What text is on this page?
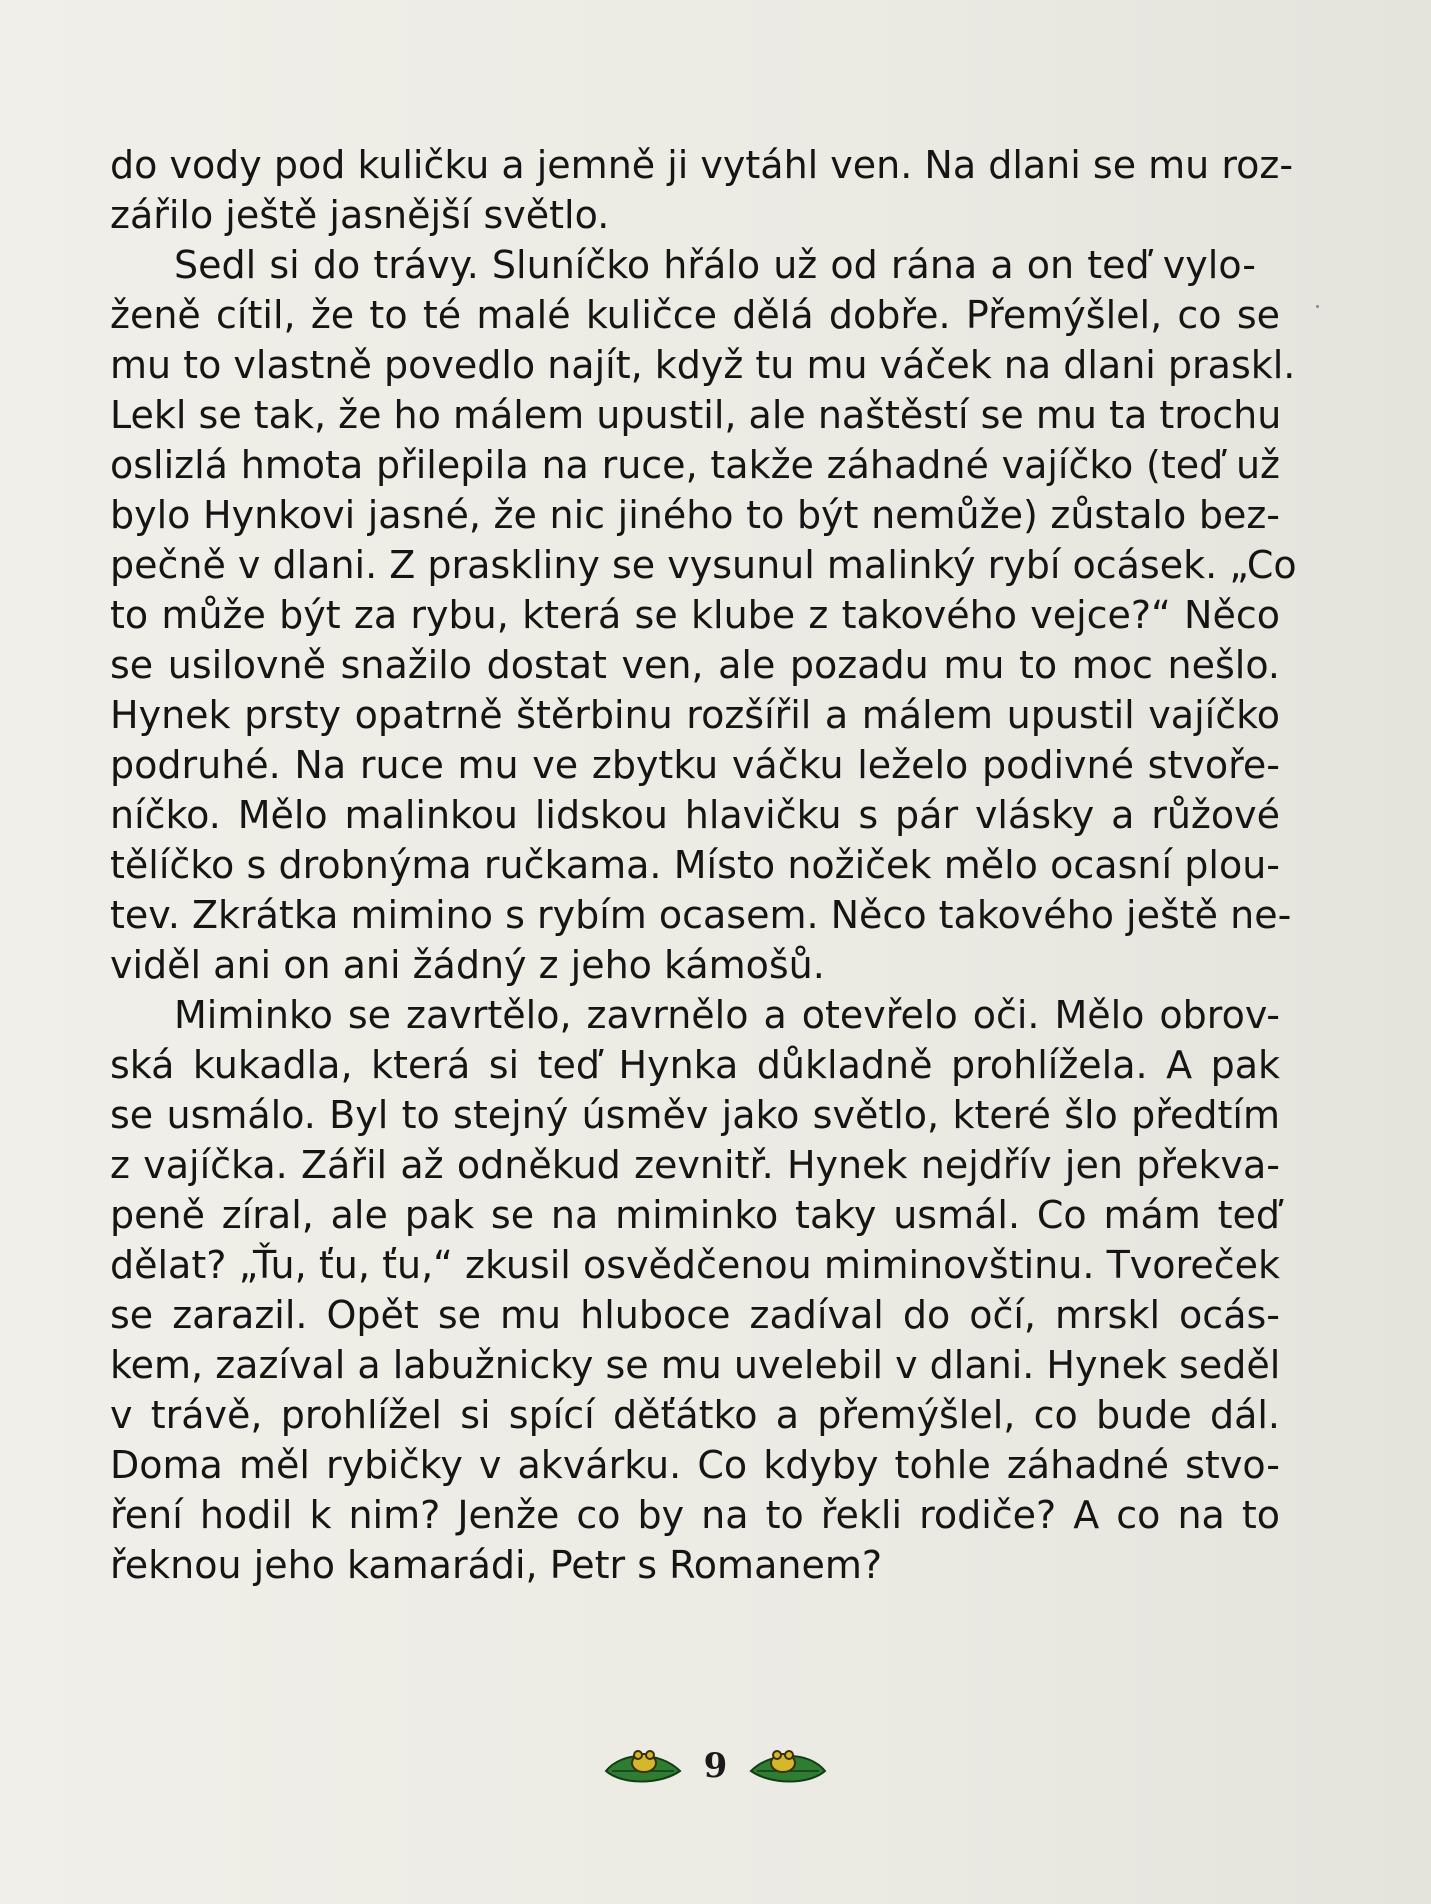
do vody pod kuličku a jemně ji vytáhl ven. Na dlani se mu roz-
zářilo ještě jasnější světlo.
Sedl si do trávy. Sluníčko hřálo už od rána a on teď vylo-
ženě cítil, že to té malé kuličce dělá dobře. Přemýšlel, co se
mu to vlastně povedlo najít, když tu mu váček na dlani praskl.
Lekl se tak, že ho málem upustil, ale naštěstí se mu ta trochu
oslizlá hmota přilepila na ruce, takže záhadné vajíčko (teď už
bylo Hynkovi jasné, že nic jiného to být nemůže) zůstalo bez-
pečně v dlani. Z praskliny se vysunul malinký rybí ocásek. „Co
to může být za rybu, která se klube z takového vejce?“ Něco
se usilovně snažilo dostat ven, ale pozadu mu to moc nešlo.
Hynek prsty opatrně štěrbinu rozšířil a málem upustil vajíčko
podruhé. Na ruce mu ve zbytku váčku leželo podivné stvoře-
níčko. Mělo malinkou lidskou hlavičku s pár vlásky a růžové
tělíčko s drobnýma ručkama. Místo nožiček mělo ocasní plou-
tev. Zkrátka mimino s rybím ocasem. Něco takového ještě ne-
viděl ani on ani žádný z jeho kámošů.
Miminko se zavrtělo, zavrnělo a otevřelo oči. Mělo obrov-
ská kukadla, která si teď Hynka důkladně prohlížela. A pak
se usmálo. Byl to stejný úsměv jako světlo, které šlo předtím
z vajíčka. Zářil až odněkud zevnitř. Hynek nejdřív jen překva-
peně zíral, ale pak se na miminko taky usmál. Co mám teď
dělat? „Ťu, ťu, ťu,“ zkusil osvědčenou miminovštinu. Tvoreček
se zarazil. Opět se mu hluboce zadíval do očí, mrskl ocás-
kem, zazíval a labužnicky se mu uvelebil v dlani. Hynek seděl
v trávě, prohlížel si spící děťátko a přemýšlel, co bude dál.
Doma měl rybičky v akvárku. Co kdyby tohle záhadné stvo-
ření hodil k nim? Jenže co by na to řekli rodiče? A co na to
řeknou jeho kamarádi, Petr s Romanem?
9
